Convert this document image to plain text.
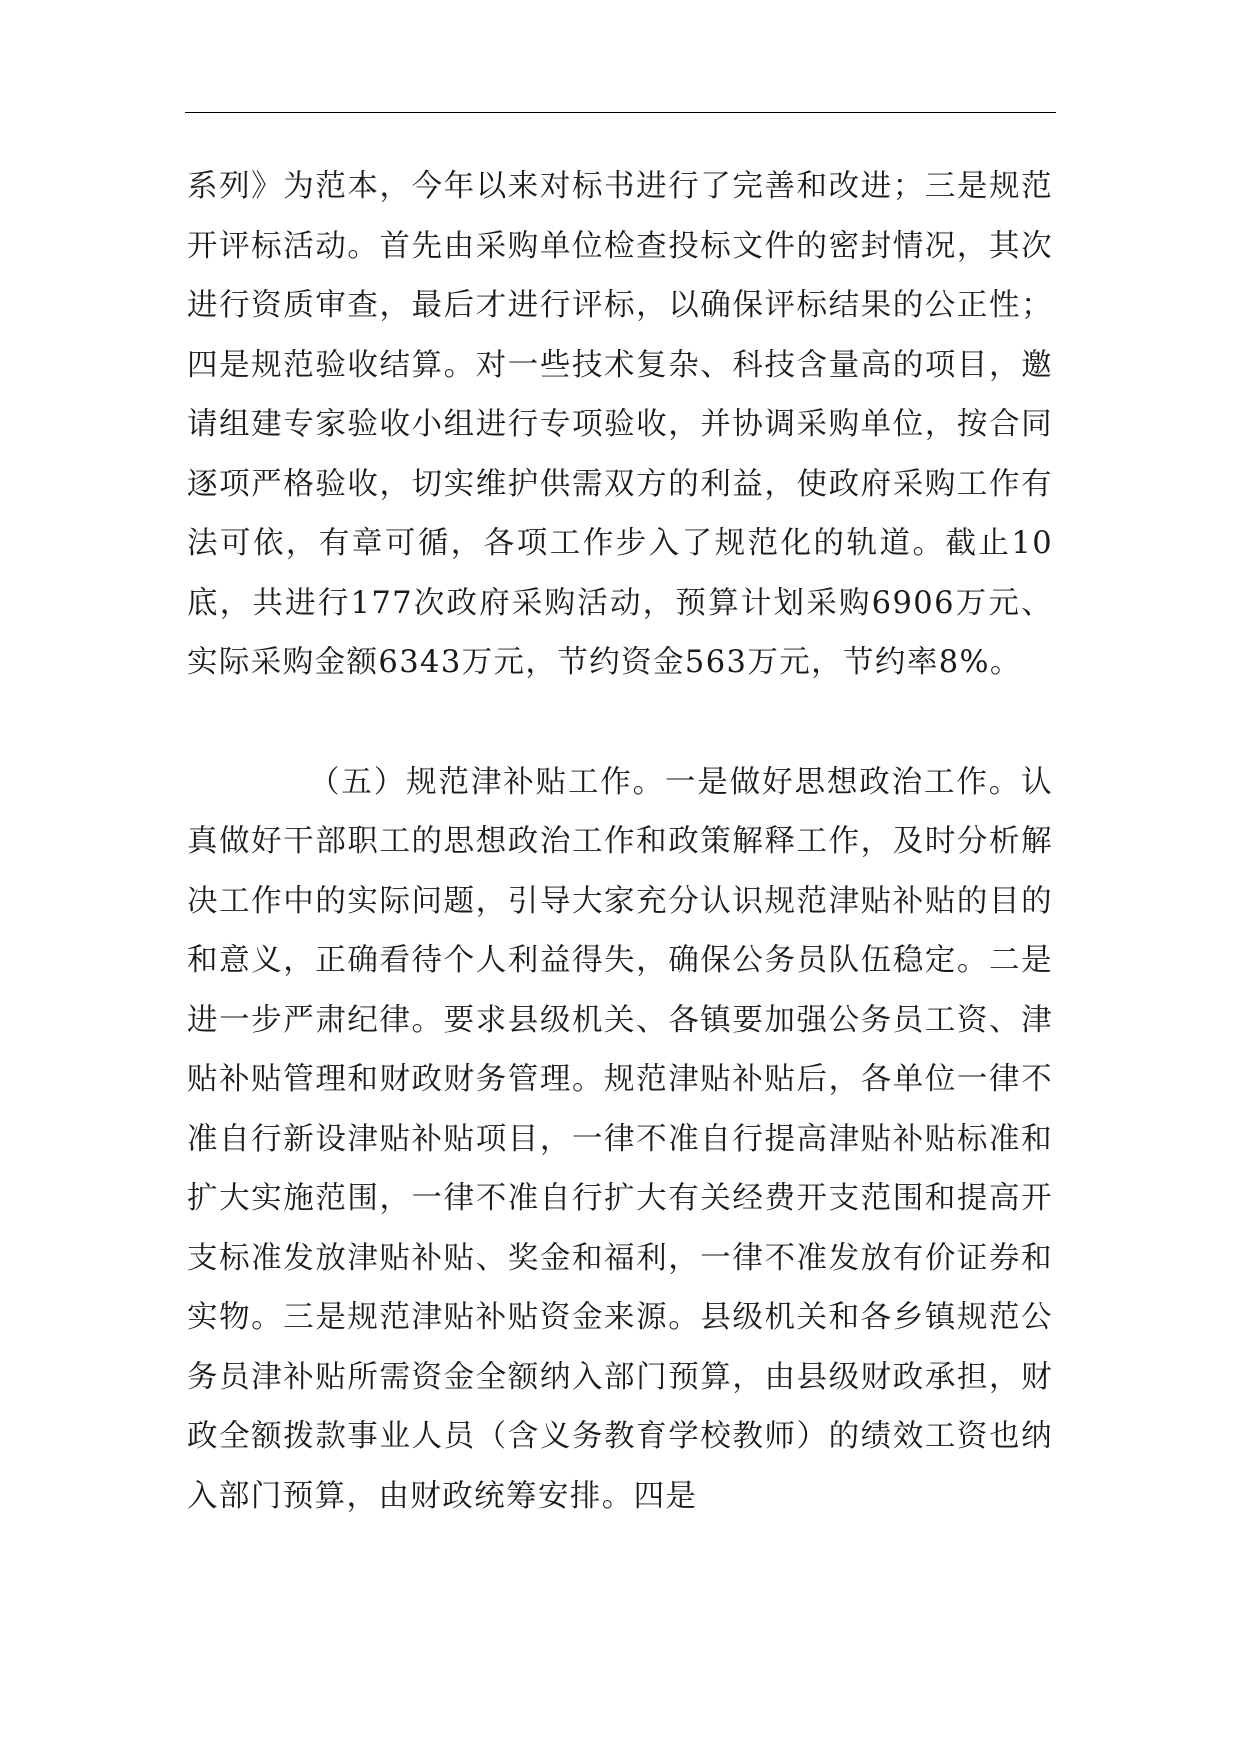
系列》为范本，今年以来对标书进行了完善和改进；三是规范开评标活动。首先由采购单位检查投标文件的密封情况，其次进行资质审查，最后才进行评标，以确保评标结果的公正性；四是规范验收结算。对一些技术复杂、科技含量高的项目，邀请组建专家验收小组进行专项验收，并协调采购单位，按合同逐项严格验收，切实维护供需双方的利益，使政府采购工作有法可依，有章可循，各项工作步入了规范化的轨道。截止10底，共进行177次政府采购活动，预算计划采购6906万元、实际采购金额6343万元，节约资金563万元，节约率8%。

（五）规范津补贴工作。一是做好思想政治工作。认真做好干部职工的思想政治工作和政策解释工作，及时分析解决工作中的实际问题，引导大家充分认识规范津贴补贴的目的和意义，正确看待个人利益得失，确保公务员队伍稳定。二是进一步严肃纪律。要求县级机关、各镇要加强公务员工资、津贴补贴管理和财政财务管理。规范津贴补贴后，各单位一律不准自行新设津贴补贴项目，一律不准自行提高津贴补贴标准和扩大实施范围，一律不准自行扩大有关经费开支范围和提高开支标准发放津贴补贴、奖金和福利，一律不准发放有价证券和实物。三是规范津贴补贴资金来源。县级机关和各乡镇规范公务员津补贴所需资金全额纳入部门预算，由县级财政承担，财政全额拨款事业人员（含义务教育学校教师）的绩效工资也纳入部门预算，由财政统筹安排。四是
